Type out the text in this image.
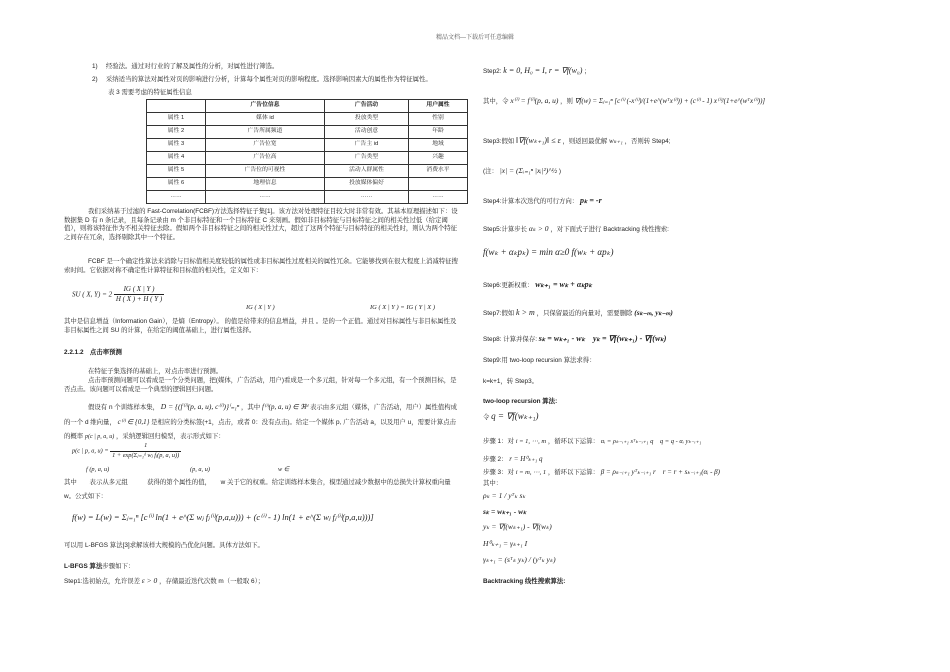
精品文档---下载后可任意编辑
1)　 经验法。通过对行业的了解及属性的分析，对属性进行筛选。
2)　 采纳适当的算法对属性对页的影响进行分析，计算每个属性对页的影响程度。选择影响因素大的属性作为特征属性。
表 3 需要考虑的特征属性信息
	广告位信息	广告活动	用户属性
属性 1	媒体 id	投放类型	性别
属性 2	广告所属频道	活动创意	年龄
属性 3	广告位宽	广告主 id	地域
属性 4	广告位高	广告类型	兴趣
属性 5	广告位的可视性	活动人群属性	消费水平
属性 6	地理信息	投放媒体偏好	
……	……	……	……
我们采纳基于过滤的 Fast-Correlation(FCBF)方法选择特征子集[1]。该方法对处理特征目较大时非常有效。其基本原理描述如下：设数据集 D 有 n 条记录，且每条记录由 m 个非目标特征和一个目标特征 C 来刻画。假如非目标特征与目标特征之间的相关性过低（给定阈值），则将该特征作为不相关特征去除。假如两个非目标特征之间的相关性过大，超过了这两个特征与目标特征的相关性时，则认为两个特征之间存在冗余，选择剔除其中一个特征。
FCBF 是一个确定性算法来消除与目标值相关度较低的属性或非目标属性过度相关的属性冗余。它能够找到在很大程度上消减特征搜索时间。它依据对称不确定性计算特征和目标值的相关性，定义如下：
SU ( X, $Y) = 2 \frac{IG ( X | Y )}{H ( X ) + H ( Y )}$
IG ( X | Y )	IG ( X | Y ) = IG ( Y | X )
其中是信息增益（Information Gain），是熵（Entropy）。 的值是给带来的信息增益，并且 。是的一个正值。通过对目标属性与非目标属性及非目标属性之间 SU 的计算，在给定的阈值基础上，进行属性选择。
2.2.1.2　点击率预测
在特征子集选择的基础上，对点击率进行预测。
点击率预测问题可以看成是一个分类问题，把(媒体，广告活动，用户)看成是一个多元组，针对每一个多元组，有一个预测目标，是否点击。该问题可以看成是一个典型的逻辑回归问题。
假设有 n 个训练样本集， D = {(f⁽ⁱ⁾(p, a, u), c⁽ⁱ⁾)}ⁱ₌₁ⁿ ，其中 f⁽ⁱ⁾(p, a, u) ∈ ℜᵈ 表示由多元组（媒体，广告活动，用户）属性值构成的一个 d 维向量， c⁽ⁱ⁾ ∈ {0,1} 是相应的分类标签(+1，点击，或者 0：没有点击)。给定一个媒体 p, 广告活动 a，以及用户 u，需要计算点击的概率 p(c | p, a, u) ，采纳逻辑回归模型，表示形式如下：
p(c | p, a, $u) = \frac{1}{\text{1 + exp(Σⱼ₌₁ᵈ wⱼ fⱼ(p, a, u))}}$
f (p, a, u)	(p, a, u)	w ∈
其中　　表示从多元组　　　获得的第个属性的值，　　w 关于它的权重。给定训练样本集合，模型通过减少数据中的总损失计算权重向量 w。公式如下：
f(w) = L(w) = Σⱼ₌₁ⁿ [c⁽ⁱ⁾ ln(1 + e^(Σ wⱼ fⱼ⁽ⁱ⁾(p,a,u))) + (c⁽ⁱ⁾ - 1) ln(1 + e^(Σ wⱼ fⱼ⁽ⁱ⁾(p,a,u)))]
可以用 L-BFGS 算法[3]求解该样大规模的凸优化问题。具体方法如下。
L-BFGS 算法步骤如下：
Step1:选初始点，允许误差 ε > 0 ，存储最近迭代次数 m（一般取 6）；
Step2: k = 0, H₀ = I, r = ∇f(w₀) ；
其中，令 x⁽ⁱ⁾ = f⁽ⁱ⁾(p, a, u) ，则 ∇f(w) = Σⱼ₌₁ⁿ [c⁽ⁱ⁾ (-x⁽ⁱ⁾)/(1+e^(wᵀx⁽ⁱ⁾)) + (c⁽ⁱ⁾ - 1) x⁽ⁱ⁾/(1+e^(wᵀx⁽ⁱ⁾))]
Step3:假如 ‖∇f(wₖ₊₁)‖ ≤ ε ，则返回最优解 wₖ₊₁ ，否则转 Step4;
(注： |x| = (Σᵢ₌₁ⁿ |xᵢ|²)^½ )
Step4:计算本次迭代的可行方向： pₖ = -r
Step5:计算步长 αₖ > 0 ，对下面式子进行 Backtracking 线性搜索:
f(wₖ + αₖpₖ) = min α≥0 f(wₖ + αpₖ)
Step6:更新权重： wₖ₊₁ = wₖ + αₖpₖ
Step7:假如 k > m ，只保留最近的向量对，需要删除 (sₖ₋ₘ, yₖ₋ₘ)
Step8: 计算并保存: sₖ = wₖ₊₁ - wₖ yₖ = ∇f(wₖ₊₁) - ∇f(wₖ)
Step9:用 two-loop recursion 算法求得：
k=k+1，转 Step3。
two-loop recursion 算法:
令 q = ∇f(wₖ₊₁)
步骤 1：对 i = 1, ⋯, m ，循环以下运算： αᵢ = ρₖ₋ᵢ₊₁ sᵀₖ₋ᵢ₊₁ q q = q - αᵢ yₖ₋ᵢ₊₁
步骤 2： r = H⁰ₖ₊₁ q
步骤 3：对 i = m, ⋯, 1 ，循环以下运算： β = ρₖ₋ᵢ₊₁ yᵀₖ₋ᵢ₊₁ r r = r + sₖ₋ᵢ₊₁(αᵢ - β)
其中：
ρₖ = 1 / yᵀₖ sₖ
sₖ = wₖ₊₁ - wₖ
yₖ = ∇f(wₖ₊₁) - ∇f(wₖ)
H⁰ₖ₊₁ = γₖ₊₁ I
γₖ₊₁ = (sᵀₖ yₖ) / (yᵀₖ yₖ)
Backtracking 线性搜索算法:
